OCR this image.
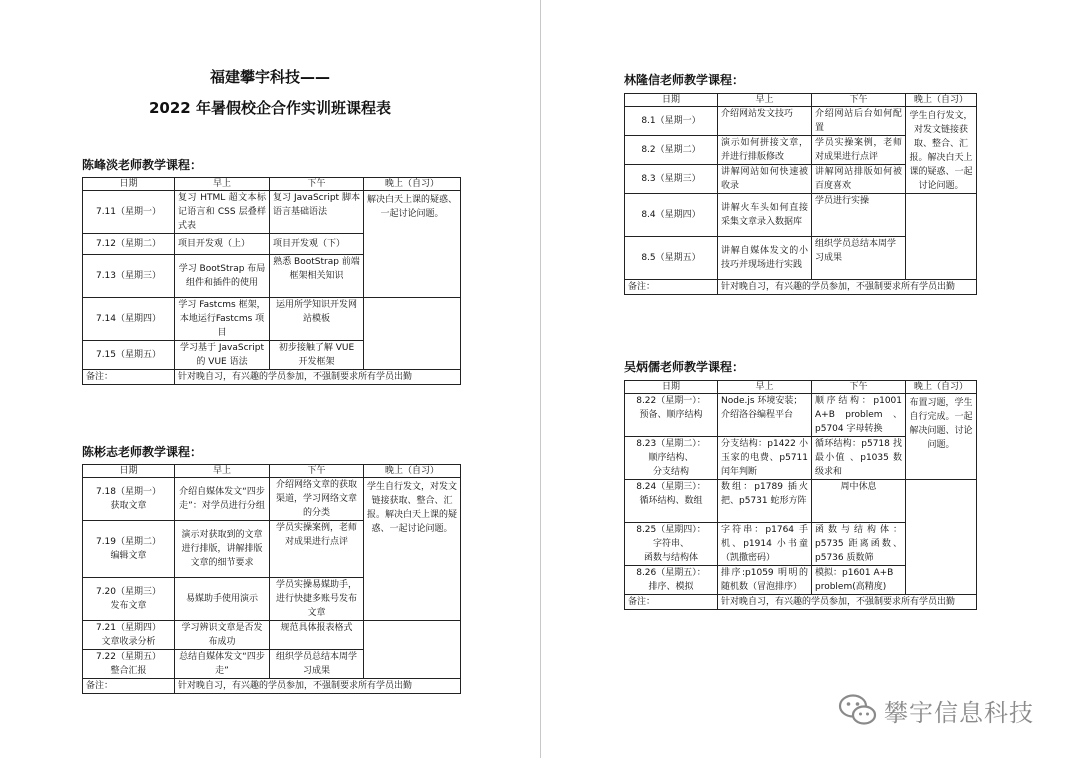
福建攀宇科技——
2022 年暑假校企合作实训班课程表
陈峰淡老师教学课程：
日期	早上	下午	晚上（自习）
7.11（星期一）	复习 HTML 超文本标记语言和 CSS 层叠样式表	复习 JavaScript 脚本语言基础语法	解决白天上课的疑惑、一起讨论问题。
7.12（星期二）	项目开发观（上）	项目开发观（下）	
7.13（星期三）	学习 BootStrap 布局组件和插件的使用	熟悉 BootStrap 前端框架相关知识	
7.14（星期四）	学习 Fastcms 框架，本地运行Fastcms 项目	运用所学知识开发网站模板	
7.15（星期五）	学习基于 JavaScript 的 VUE 语法	初步接触了解 VUE 开发框架	
备注：	针对晚自习，有兴趣的学员参加，不强制要求所有学员出勤		
陈彬志老师教学课程：
日期	早上	下午	晚上（自习）

7.18（星期一）
获取文章	介绍自媒体发文“四步走”：对学员进行分组	介绍网络文章的获取渠道，学习网络文章的分类	学生自行发文，对发文链接获取、整合、汇报。解决白天上课的疑惑、一起讨论问题。

7.19（星期二）
编辑文章	演示对获取到的文章进行排版，讲解排版文章的细节要求	学员实操案例，老师对成果进行点评	

7.20（星期三）
发布文章	易媒助手使用演示	学员实操易媒助手，进行快捷多账号发布文章	

7.21（星期四）
文章收录分析	学习辨识文章是否发布成功	规范具体报表格式	

7.22（星期五）
整合汇报	总结自媒体发文“四步走”	组织学员总结本周学习成果	
备注：	针对晚自习，有兴趣的学员参加，不强制要求所有学员出勤		
林隆信老师教学课程：
日期	早上	下午	晚上（自习）
8.1（星期一）	介绍网站发文技巧	介绍网站后台如何配置	学生自行发文，对发文链接获取、整合、汇报。解决白天上课的疑惑、一起讨论问题。
8.2（星期二）	演示如何拼接文章，并进行排版修改	学员实操案例，老师对成果进行点评	
8.3（星期三）	讲解网站如何快速被收录	讲解网站排版如何被百度喜欢	
8.4（星期四）	讲解火车头如何直接采集文章录入数据库	学员进行实操	
8.5（星期五）	讲解自媒体发文的小技巧并现场进行实践	组织学员总结本周学习成果	
备注：	针对晚自习，有兴趣的学员参加，不强制要求所有学员出勤		
吴炳儒老师教学课程：
日期	早上	下午	晚上（自习）

8.22（星期一）：
预备、顺序结构	Node.js 环境安装；介绍洛谷编程平台	顺序结构：p1001 A+B problem 、p5704 字母转换	布置习题，学生自行完成。一起解决问题、讨论问题。

8.23（星期二）：
顺序结构、
分支结构	分支结构：p1422 小玉家的电费、p5711 闰年判断	循环结构：p5718 找最小值 、p1035 数级求和	

8.24（星期三）：
循环结构、数组	数组：p1789 插火把、p5731 蛇形方阵	周中休息	

8.25（星期四）：
字符串、
函数与结构体	字符串：p1764 手机、p1914 小书童（凯撒密码）	函数与结构体：p5735 距离函数、p5736 质数筛	

8.26（星期五）：
排序、模拟	排序:p1059 明明的随机数（冒泡排序）	模拟：p1601 A+B problem(高精度)	
备注：	针对晚自习，有兴趣的学员参加，不强制要求所有学员出勤		
攀宇信息科技
